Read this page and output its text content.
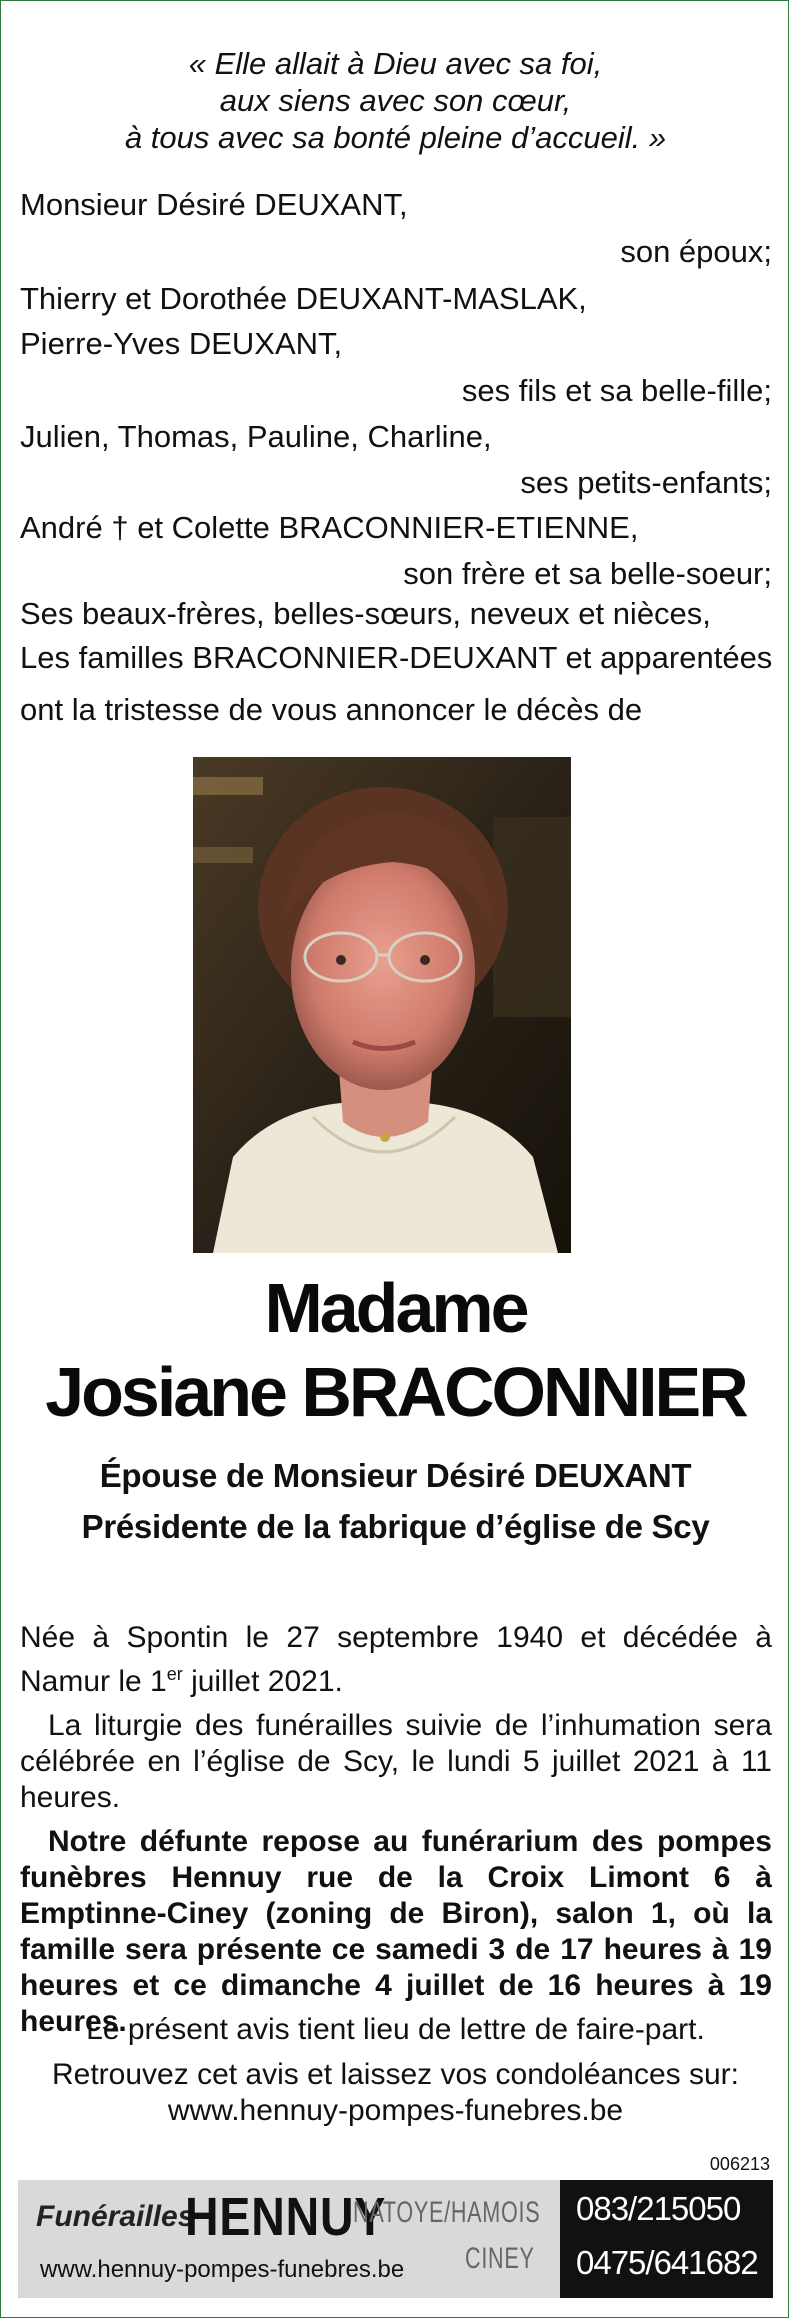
« Elle allait à Dieu avec sa foi,
aux siens avec son cœur,
à tous avec sa bonté pleine d’accueil. »
Monsieur Désiré DEUXANT,
son époux;
Thierry et Dorothée DEUXANT-MASLAK,
Pierre-Yves DEUXANT,
ses fils et sa belle-fille;
Julien, Thomas, Pauline, Charline,
ses petits-enfants;
André † et Colette BRACONNIER-ETIENNE,
son frère et sa belle-soeur;
Ses beaux-frères, belles-sœurs, neveux et nièces,
Les familles BRACONNIER-DEUXANT et apparentées
ont la tristesse de vous annoncer le décès de
Madame
Josiane BRACONNIER
Épouse de Monsieur Désiré DEUXANT
Présidente de la fabrique d’église de Scy

Née à Spontin le 27 septembre 1940 et décédée à Namur le 1er juillet 2021.

La liturgie des funérailles suivie de l’inhumation sera célébrée en l’église de Scy, le lundi 5 juillet 2021 à 11 heures.

Notre défunte repose au funérarium des pompes funèbres Hennuy rue de la Croix Limont 6 à Emptinne-Ciney (zoning de Biron), salon 1, où la famille sera présente ce samedi 3 de 17 heures à 19 heures et ce dimanche 4 juillet de 16 heures à 19 heures.

Le présent avis tient lieu de lettre de faire-part.
Retrouvez cet avis et laissez vos condoléances sur:
www.hennuy-pompes-funebres.be
006213
Funérailles
HENNUY
NATOYE/HAMOIS
CINEY
www.hennuy-pompes-funebres.be
083/215050
0475/641682
